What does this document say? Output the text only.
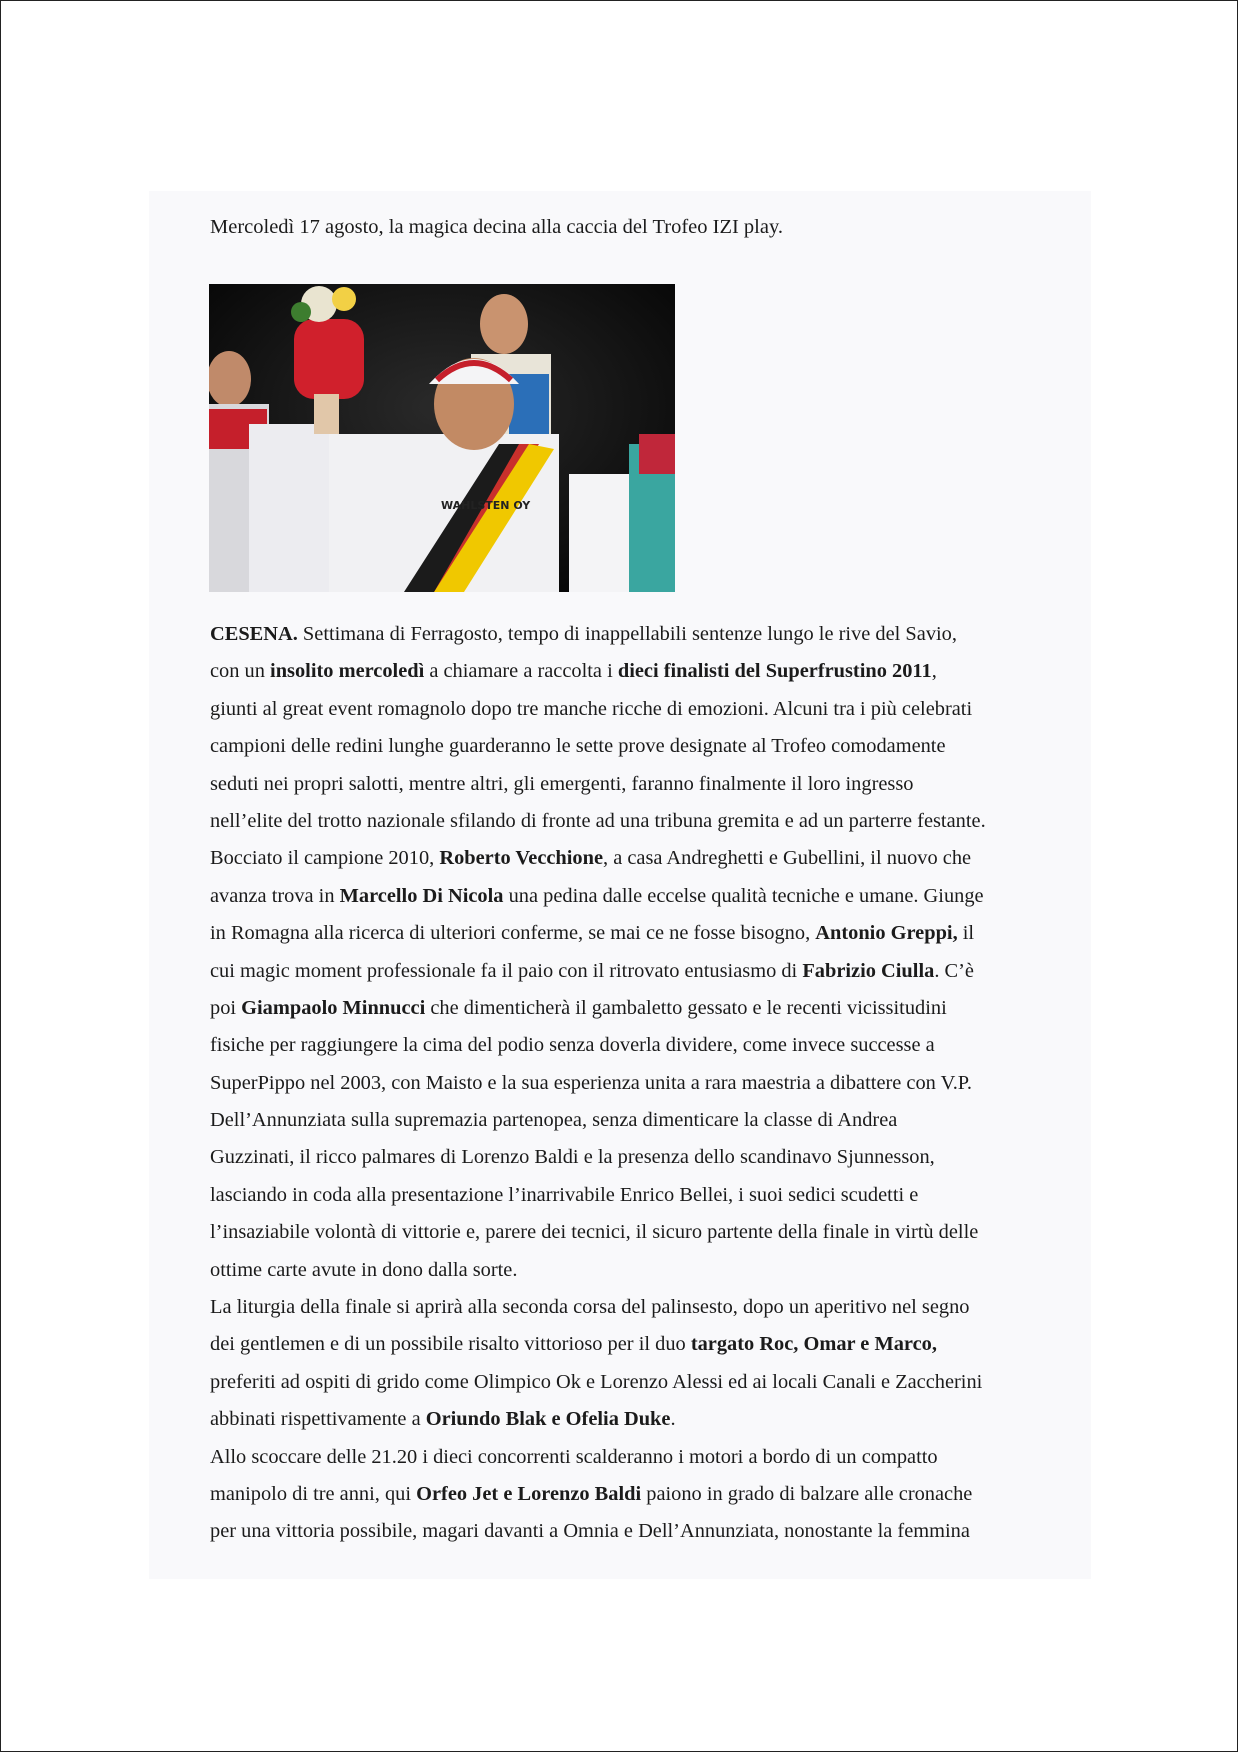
Mercoledì 17 agosto, la magica decina alla caccia del Trofeo IZI play.
WAHLSTEN OY
CESENA. Settimana di Ferragosto, tempo di inappellabili sentenze lungo le rive del Savio,
con un insolito mercoledì a chiamare a raccolta i dieci finalisti del Superfrustino 2011,
giunti al great event romagnolo dopo tre manche ricche di emozioni. Alcuni tra i più celebrati
campioni delle redini lunghe guarderanno le sette prove designate al Trofeo comodamente
seduti nei propri salotti, mentre altri, gli emergenti, faranno finalmente il loro ingresso
nell’elite del trotto nazionale sfilando di fronte ad una tribuna gremita e ad un parterre festante.
Bocciato il campione 2010, Roberto Vecchione, a casa Andreghetti e Gubellini, il nuovo che
avanza trova in Marcello Di Nicola una pedina dalle eccelse qualità tecniche e umane. Giunge
in Romagna alla ricerca di ulteriori conferme, se mai ce ne fosse bisogno, Antonio Greppi, il
cui magic moment professionale fa il paio con il ritrovato entusiasmo di Fabrizio Ciulla. C’è
poi Giampaolo Minnucci che dimenticherà il gambaletto gessato e le recenti vicissitudini
fisiche per raggiungere la cima del podio senza doverla dividere, come invece successe a
SuperPippo nel 2003, con Maisto e la sua esperienza unita a rara maestria a dibattere con V.P.
Dell’Annunziata sulla supremazia partenopea, senza dimenticare la classe di Andrea
Guzzinati, il ricco palmares di Lorenzo Baldi e la presenza dello scandinavo Sjunnesson,
lasciando in coda alla presentazione l’inarrivabile Enrico Bellei, i suoi sedici scudetti e
l’insaziabile volontà di vittorie e, parere dei tecnici, il sicuro partente della finale in virtù delle
ottime carte avute in dono dalla sorte.
La liturgia della finale si aprirà alla seconda corsa del palinsesto, dopo un aperitivo nel segno
dei gentlemen e di un possibile risalto vittorioso per il duo targato Roc, Omar e Marco,
preferiti ad ospiti di grido come Olimpico Ok e Lorenzo Alessi ed ai locali Canali e Zaccherini
abbinati rispettivamente a Oriundo Blak e Ofelia Duke.
Allo scoccare delle 21.20 i dieci concorrenti scalderanno i motori a bordo di un compatto
manipolo di tre anni, qui Orfeo Jet e Lorenzo Baldi paiono in grado di balzare alle cronache
per una vittoria possibile, magari davanti a Omnia e Dell’Annunziata, nonostante la femmina
